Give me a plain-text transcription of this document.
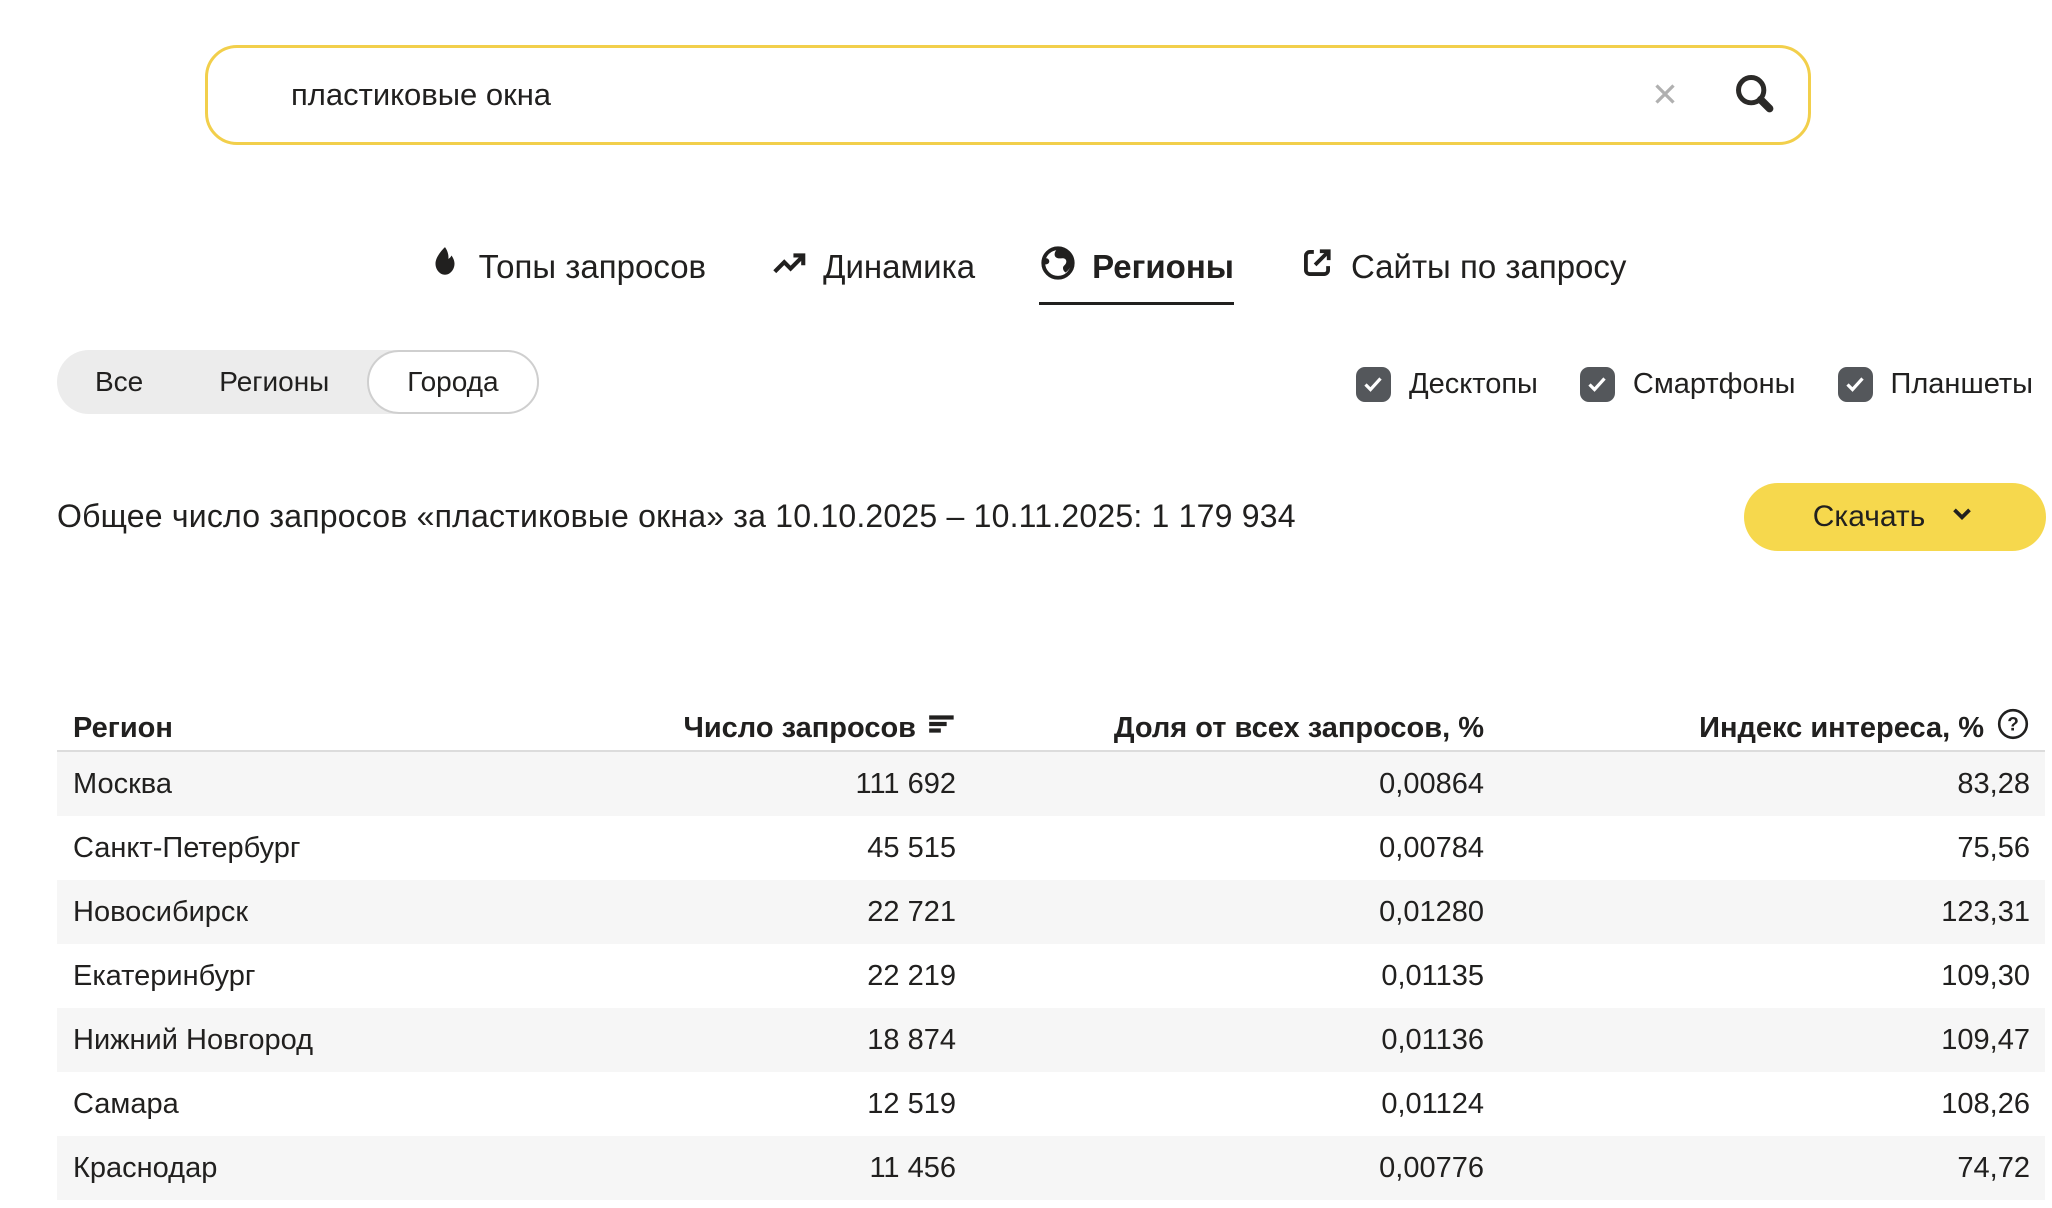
пластиковые окна
Топы запросов	Динамика	Регионы	Сайты по запросу
Все	Регионы	Города	Десктопы	Смартфоны	Планшеты
Общее число запросов «пластиковые окна» за 10.10.2025 – 10.11.2025: 1 179 934	Скачать
Регион	Число запросов	Доля от всех запросов, %	Индекс интереса, % ?
Москва	111 692	0,00864	83,28
Санкт-Петербург	45 515	0,00784	75,56
Новосибирск	22 721	0,01280	123,31
Екатеринбург	22 219	0,01135	109,30
Нижний Новгород	18 874	0,01136	109,47
Самара	12 519	0,01124	108,26
Краснодар	11 456	0,00776	74,72
